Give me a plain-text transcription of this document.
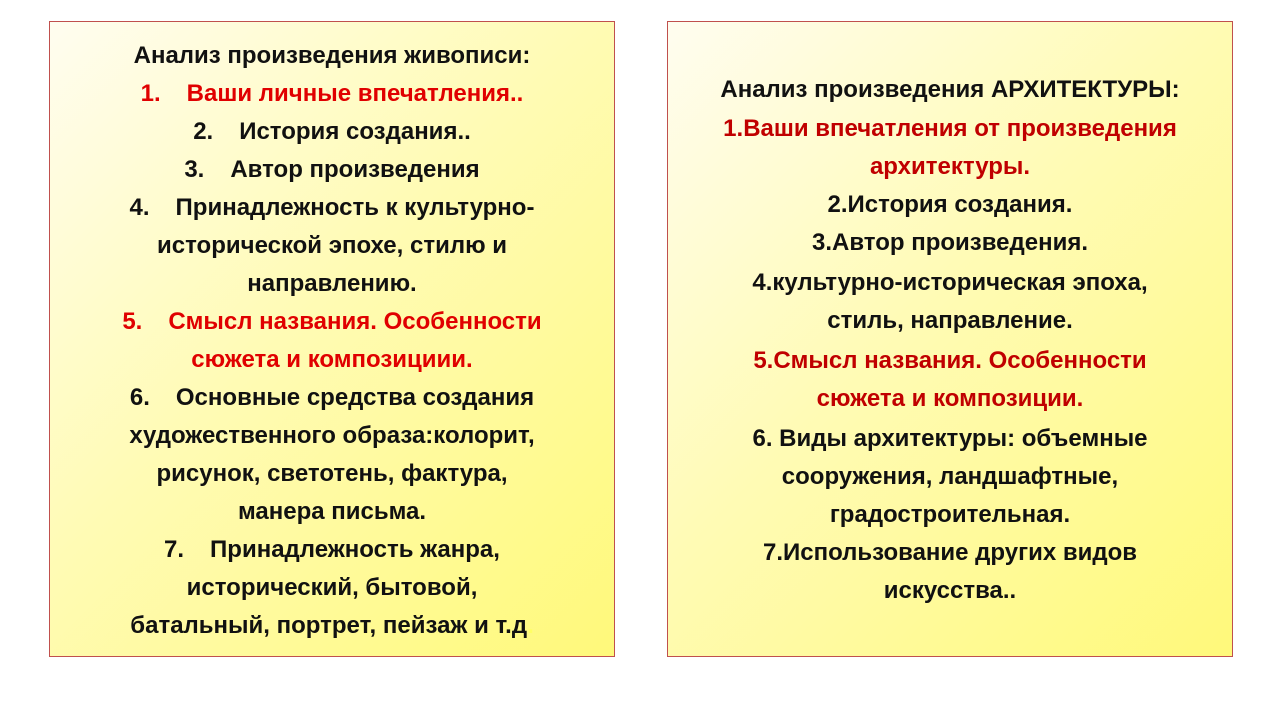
Анализ произведения живописи:
1. Ваши личные впечатления..
2. История создания..
3. Автор произведения
4. Принадлежность к культурно-
исторической эпохе, стилю и
направлению.
5. Смысл названия. Особенности
сюжета и композициии.
6. Основные средства создания
художественного образа:колорит,
рисунок, светотень, фактура,
манера письма.
7. Принадлежность жанра,
исторический, бытовой,
батальный, портрет, пейзаж и т.д.
Анализ произведения АРХИТЕКТУРЫ:
1.Ваши впечатления от произведения
архитектуры.
2.История создания.
3.Автор произведения.
4.культурно-историческая эпоха,
стиль, направление.
5.Смысл названия. Особенности
сюжета и композиции.
6. Виды архитектуры: объемные
сооружения, ландшафтные,
градостроительная.
7.Использование других видов
искусства..
